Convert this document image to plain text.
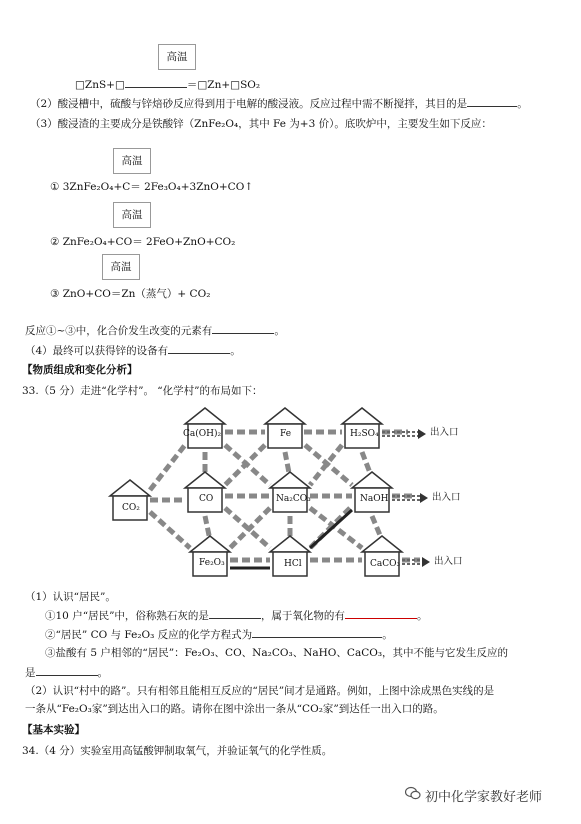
高温
高温
高温
高温
□ZnS+□	＝□Zn+□SO₂
（2）酸浸槽中，硫酸与锌焙砂反应得到用于电解的酸浸液。反应过程中需不断搅拌，其目的是	。
（3）酸浸渣的主要成分是铁酸锌（ZnFe₂O₄，其中 Fe 为+3 价）。底吹炉中，主要发生如下反应：
① 3ZnFe₂O₄+C＝ 2Fe₃O₄+3ZnO+CO↑
② ZnFe₂O₄+CO＝ 2FeO+ZnO+CO₂
③ ZnO+CO＝Zn（蒸气）+ CO₂
反应①~③中，化合价发生改变的元素有	。
（4）最终可以获得锌的设备有	。
【物质组成和变化分析】
33.（5 分）走进“化学村”。 “化学村”的布局如下：
Ca(OH)₂	Fe	H₂SO₄
CO₂
CO	Na₂CO₃	NaOH
Fe₂O₃	HCl	CaCO₃
出入口
出入口
出入口
（1）认识“居民”。
①10 户“居民”中，俗称熟石灰的是	，属于氧化物的有	。
②“居民” CO 与 Fe₂O₃ 反应的化学方程式为	。
③盐酸有 5 户相邻的“居民”：Fe₂O₃、CO、Na₂CO₃、NaHO、CaCO₃，其中不能与它发生反应的
是	。
（2）认识“村中的路”。只有相邻且能相互反应的“居民”间才是通路。例如，上图中涂成黑色实线的是
一条从“Fe₂O₃家”到达出入口的路。请你在图中涂出一条从“CO₂家”到达任一出入口的路。
【基本实验】
34.（4 分）实验室用高锰酸钾制取氧气，并验证氧气的化学性质。
初中化学家教好老师
